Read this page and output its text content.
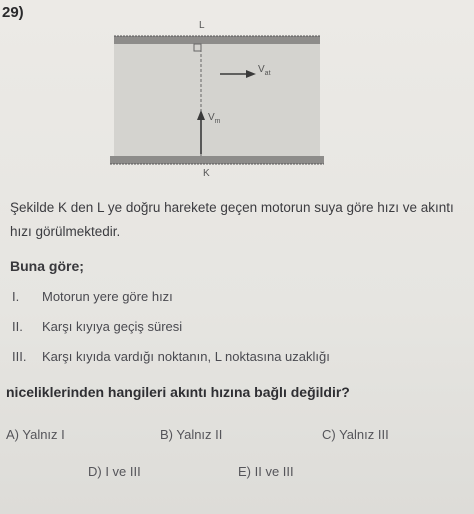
29)
L
K
$V_{at}$
$V_m$

Şekilde K den L ye doğru harekete geçen motorun suya göre hızı ve akıntı hızı görülmektedir.

Buna göre;
I. Motorun yere göre hızı
II. Karşı kıyıya geçiş süresi
III. Karşı kıyıda vardığı noktanın, L noktasına uzaklığı
niceliklerinden hangileri akıntı hızına bağlı değildir?
A) Yalnız I	B) Yalnız II	C) Yalnız III
D) I ve III	E) II ve III
